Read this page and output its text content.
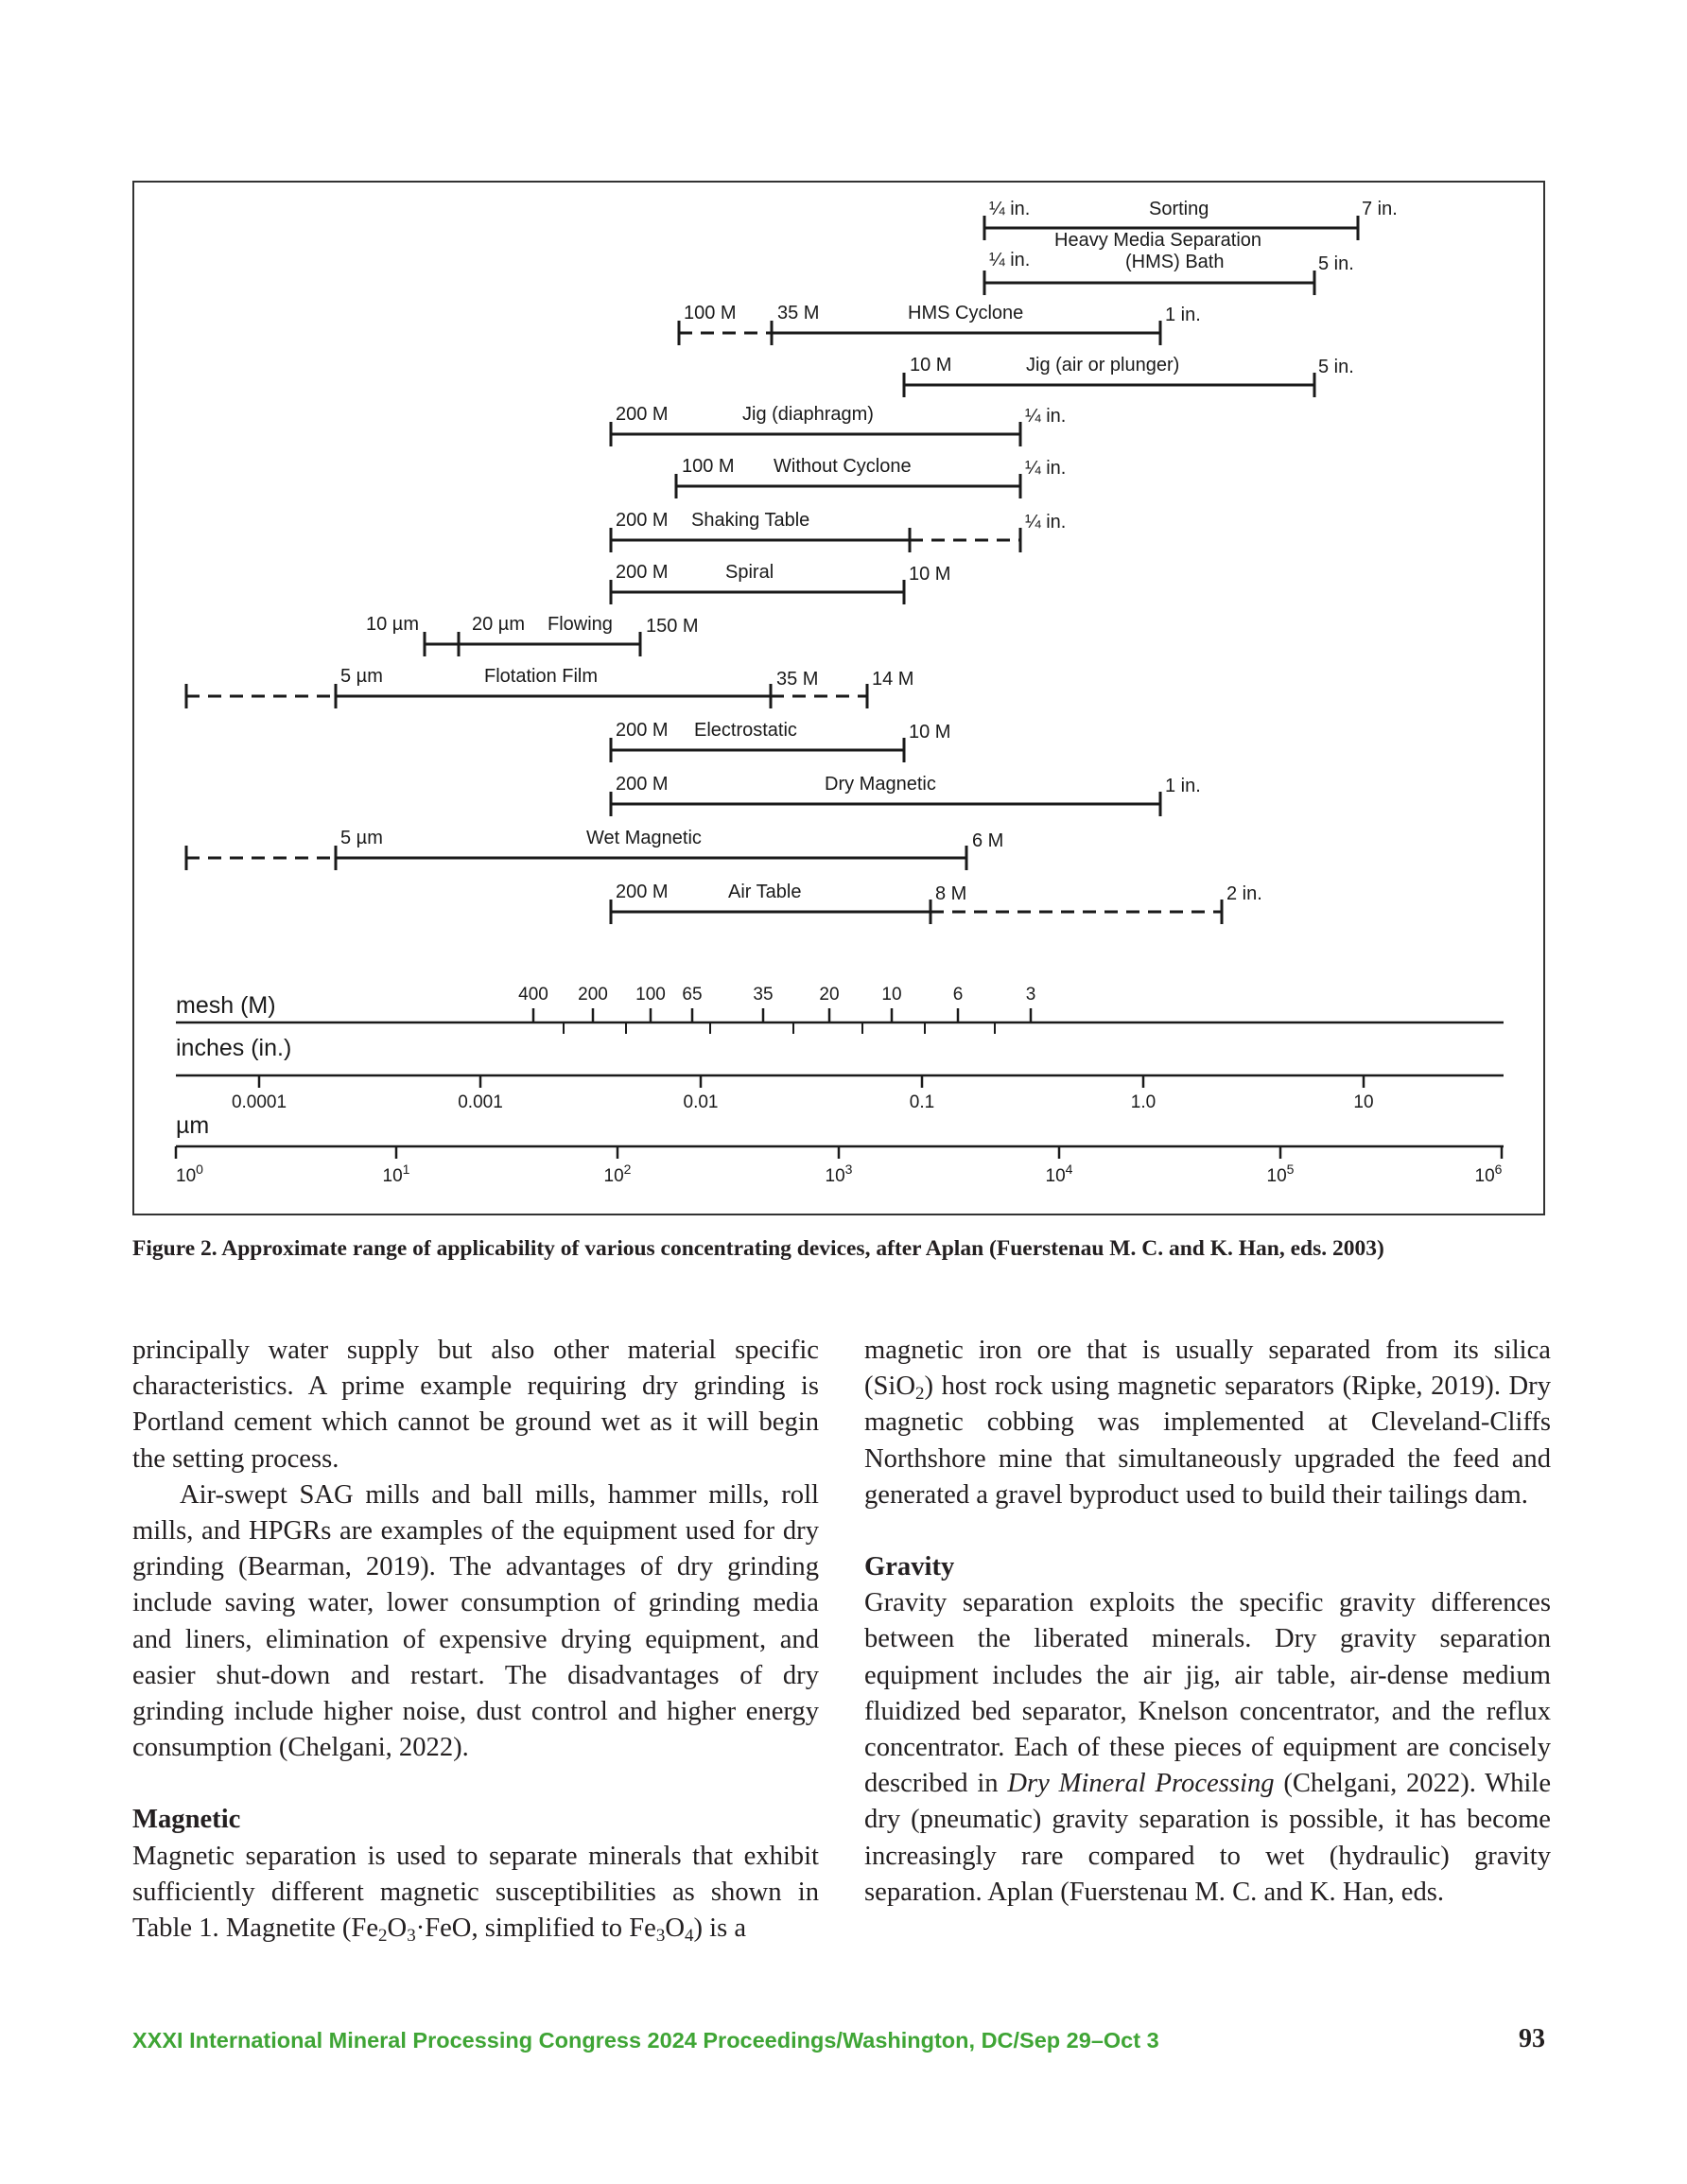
¼ in.	Sorting	7 in.
Heavy Media Separation
(HMS) Bath
¼ in.	5 in.
100 M 35 M	HMS Cyclone	1 in.
10 M	Jig (air or plunger)	5 in.
200 M	Jig (diaphragm)	¼ in.
100 M Without Cyclone	¼ in.
200 M Shaking Table	¼ in.
200 M	Spiral	10 M
10 µm	20 µm Flowing 150 M
5 µm	Flotation Film	35 M	14 M
200 M Electrostatic	10 M
200 M	Dry Magnetic	1 in.
5 µm	Wet Magnetic	6 M
200 M	Air Table	8 M	2 in.
mesh (M)	400 200 100 65	35	20 10	6	3
inches (in.)
0.0001	0.001	0.01	0.1	1.0	10
µm
$10^0$	$10^1$	$10^2$	$10^3$	$10^4$	$10^5$	$10^6$
Figure 2. Approximate range of applicability of various concentrating devices, after Aplan (Fuerstenau M. C. and K. Han, eds. 2003)

principally water supply but also other material specific characteristics. A prime example requiring dry grinding is Portland cement which cannot be ground wet as it will begin the setting process.

Air-swept SAG mills and ball mills, hammer mills, roll mills, and HPGRs are examples of the equipment used for dry grinding (Bearman, 2019). The advantages of dry grinding include saving water, lower consumption of grinding media and liners, elimination of expensive drying equipment, and easier shut-down and restart. The disadvantages of dry grinding include higher noise, dust control and higher energy consumption (Chelgani, 2022).

Magnetic

Magnetic separation is used to separate minerals that exhibit sufficiently different magnetic susceptibilities as shown in Table 1. Magnetite ($Fe_2O_3\cdot FeO$, simplified to $Fe_3O_4$) is a

magnetic iron ore that is usually separated from its silica (SiO$_2$) host rock using magnetic separators (Ripke, 2019). Dry magnetic cobbing was implemented at Cleveland-Cliffs Northshore mine that simultaneously upgraded the feed and generated a gravel byproduct used to build their tailings dam.

Gravity

Gravity separation exploits the specific gravity differences between the liberated minerals. Dry gravity separation equipment includes the air jig, air table, air-dense medium fluidized bed separator, Knelson concentrator, and the reflux concentrator. Each of these pieces of equipment are concisely described in Dry Mineral Processing (Chelgani, 2022). While dry (pneumatic) gravity separation is possible, it has become increasingly rare compared to wet (hydraulic) gravity separation. Aplan (Fuerstenau M. C. and K. Han, eds.

XXXI International Mineral Processing Congress 2024 Proceedings/Washington, DC/Sep 29–Oct 3	93
